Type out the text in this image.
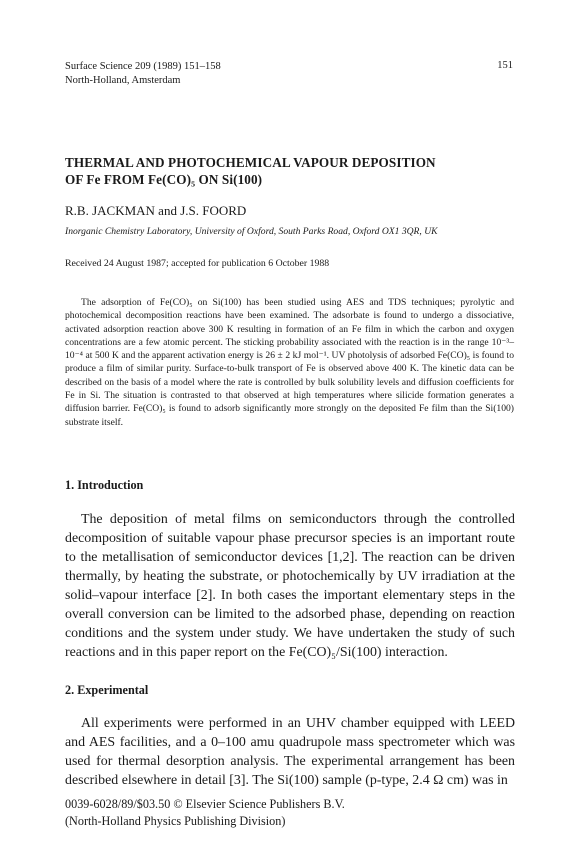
Surface Science 209 (1989) 151–158
North-Holland, Amsterdam
151
THERMAL AND PHOTOCHEMICAL VAPOUR DEPOSITION
OF Fe FROM Fe(CO)₅ ON Si(100)
R.B. JACKMAN and J.S. FOORD
Inorganic Chemistry Laboratory, University of Oxford, South Parks Road, Oxford OX1 3QR, UK
Received 24 August 1987; accepted for publication 6 October 1988

The adsorption of Fe(CO)₅ on Si(100) has been studied using AES and TDS techniques; pyrolytic and photochemical decomposition reactions have been examined. The adsorbate is found to undergo a dissociative, activated adsorption reaction above 300 K resulting in formation of an Fe film in which the carbon and oxygen concentrations are a few atomic percent. The sticking probability associated with the reaction is in the range 10⁻³–10⁻⁴ at 500 K and the apparent activation energy is 26 ± 2 kJ mol⁻¹. UV photolysis of adsorbed Fe(CO)₅ is found to produce a film of similar purity. Surface-to-bulk transport of Fe is observed above 400 K. The kinetic data can be described on the basis of a model where the rate is controlled by bulk solubility levels and diffusion coefficients for Fe in Si. The situation is contrasted to that observed at high temperatures where silicide formation generates a diffusion barrier. Fe(CO)₅ is found to adsorb significantly more strongly on the deposited Fe film than the Si(100) substrate itself.

1. Introduction

The deposition of metal films on semiconductors through the controlled decomposition of suitable vapour phase precursor species is an important route to the metallisation of semiconductor devices [1,2]. The reaction can be driven thermally, by heating the substrate, or photochemically by UV irradiation at the solid–vapour interface [2]. In both cases the important elementary steps in the overall conversion can be limited to the adsorbed phase, depending on reaction conditions and the system under study. We have undertaken the study of such reactions and in this paper report on the Fe(CO)₅/Si(100) interaction.

2. Experimental

All experiments were performed in an UHV chamber equipped with LEED and AES facilities, and a 0–100 amu quadrupole mass spectrometer which was used for thermal desorption analysis. The experimental arrangement has been described elsewhere in detail [3]. The Si(100) sample (p-type, 2.4 Ω cm) was in

0039-6028/89/$03.50 © Elsevier Science Publishers B.V.
(North-Holland Physics Publishing Division)
